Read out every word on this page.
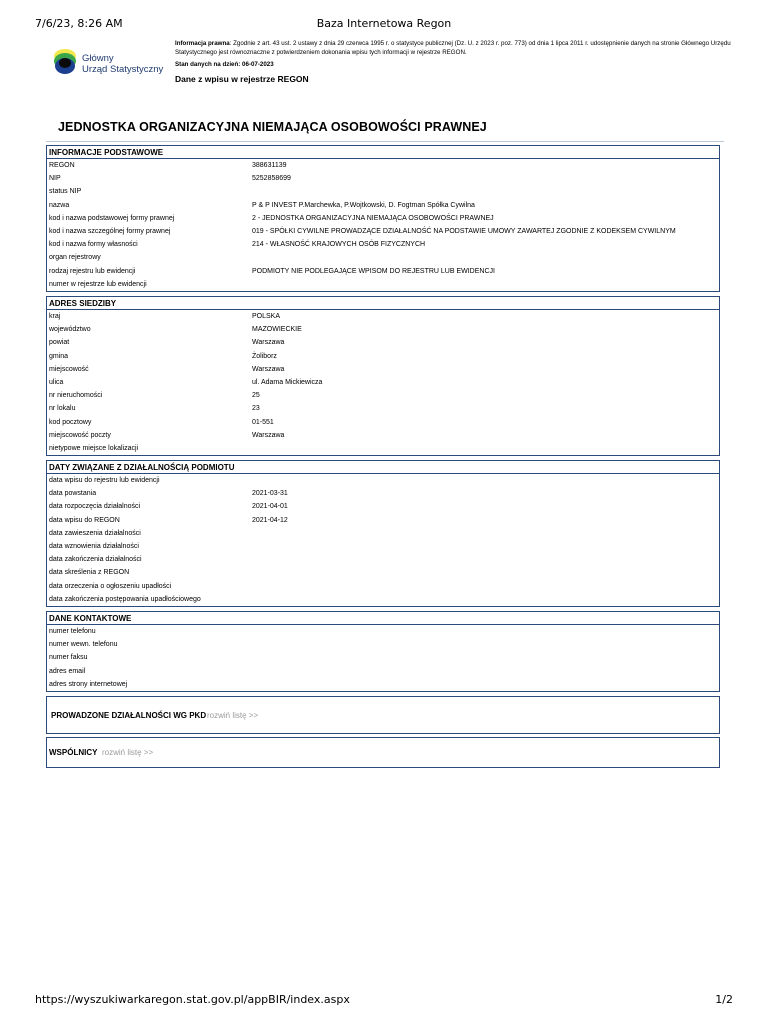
7/6/23, 8:26 AM	Baza Internetowa Regon
Główny
Urząd Statystyczny
Informacja prawna: Zgodnie z art. 43 ust. 2 ustawy z dnia 29 czerwca 1995 r. o statystyce publicznej (Dz. U. z 2023 r. poz. 773) od dnia 1 lipca 2011 r. udostępnienie danych na stronie Głównego Urzędu Statystycznego jest równoznaczne z potwierdzeniem dokonania wpisu tych informacji w rejestrze REGON.
Stan danych na dzień: 06-07-2023
Dane z wpisu w rejestrze REGON
JEDNOSTKA ORGANIZACYJNA NIEMAJĄCA OSOBOWOŚCI PRAWNEJ
INFORMACJE PODSTAWOWE
REGON	388631139
NIP	5252858699
status NIP
nazwa	P & P INVEST P.Marchewka, P.Wojtkowski, D. Fogtman Spółka Cywilna
kod i nazwa podstawowej formy prawnej	2 - JEDNOSTKA ORGANIZACYJNA NIEMAJĄCA OSOBOWOŚCI PRAWNEJ
kod i nazwa szczególnej formy prawnej	019 - SPÓŁKI CYWILNE PROWADZĄCE DZIAŁALNOŚĆ NA PODSTAWIE UMOWY ZAWARTEJ ZGODNIE Z KODEKSEM CYWILNYM
kod i nazwa formy własności	214 - WŁASNOŚĆ KRAJOWYCH OSÓB FIZYCZNYCH
organ rejestrowy
rodzaj rejestru lub ewidencji	PODMIOTY NIE PODLEGAJĄCE WPISOM DO REJESTRU LUB EWIDENCJI
numer w rejestrze lub ewidencji
ADRES SIEDZIBY
kraj	POLSKA
województwo	MAZOWIECKIE
powiat	Warszawa
gmina	Żoliborz
miejscowość	Warszawa
ulica	ul. Adama Mickiewicza
nr nieruchomości	25
nr lokalu	23
kod pocztowy	01-551
miejscowość poczty	Warszawa
nietypowe miejsce lokalizacji
DATY ZWIĄZANE Z DZIAŁALNOŚCIĄ PODMIOTU
data wpisu do rejestru lub ewidencji
data powstania	2021-03-31
data rozpoczęcia działalności	2021-04-01
data wpisu do REGON	2021-04-12
data zawieszenia działalności
data wznowienia działalności
data zakończenia działalności
data skreślenia z REGON
data orzeczenia o ogłoszeniu upadłości
data zakończenia postępowania upadłościowego
DANE KONTAKTOWE
numer telefonu
numer wewn. telefonu
numer faksu
adres email
adres strony internetowej
PROWADZONE DZIAŁALNOŚCI WG PKD rozwiń listę >>
WSPÓLNICY rozwiń listę >>
https://wyszukiwarkaregon.stat.gov.pl/appBIR/index.aspx	1/2
